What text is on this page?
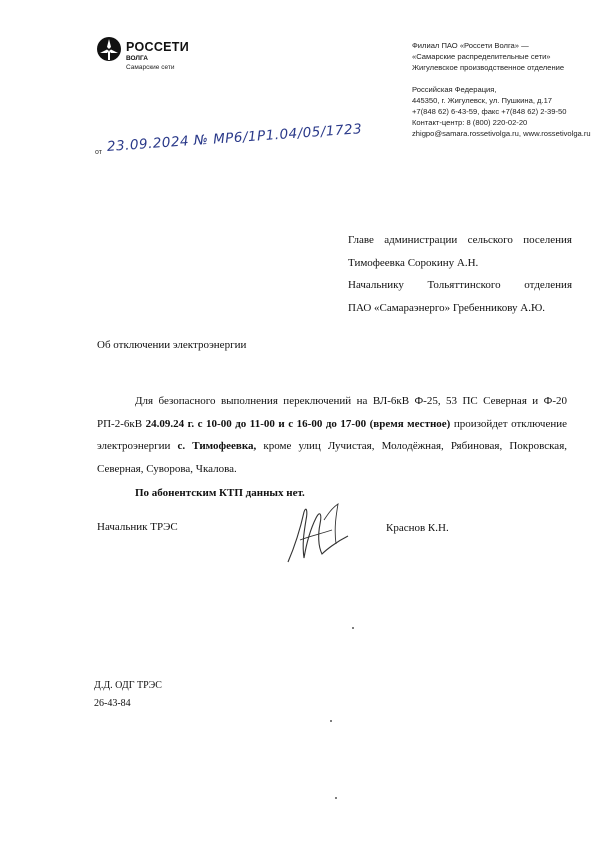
РОССЕТИ
ВОЛГА
Самарские сети
Филиал ПАО «Россети Волга» —
«Самарские распределительные сети»
Жигулевское производственное отделение
Российская Федерация,
445350, г. Жигулевск, ул. Пушкина, д.17
+7(848 62) 6-43-59, факс +7(848 62) 2-39-50
Контакт-центр: 8 (800) 220-02-20
zhigpo@samara.rossetivolga.ru, www.rossetivolga.ru
от 23.09.2024 № MP6/1Р1.04/05/1723
Главе администрации сельского поселения
Тимофеевка Сорокину А.Н.
Начальнику Тольяттинского отделения
ПАО «Самараэнерго» Гребенникову А.Ю.
Об отключении электроэнергии

Для безопасного выполнения переключений на ВЛ-6кВ Ф-25, 53 ПС Северная и Ф-20 РП-2-6кВ 24.09.24 г. с 10-00 до 11-00 и с 16-00 до 17-00 (время местное) произойдет отключение электроэнергии с. Тимофеевка, кроме улиц Лучистая, Молодёжная, Рябиновая, Покровская, Северная, Суворова, Чкалова.

По абонентским КТП данных нет.

Начальник ТРЭС	Краснов К.Н.
Д.Д. ОДГ ТРЭС
26-43-84
